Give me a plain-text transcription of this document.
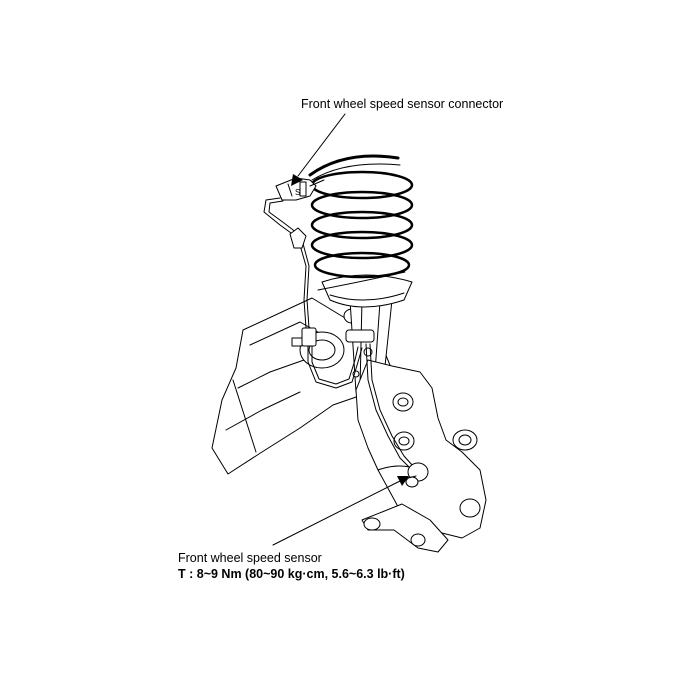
S
Front wheel speed sensor connector
Front wheel speed sensor
T : 8~9 Nm (80~90 kg·cm, 5.6~6.3 lb·ft)
